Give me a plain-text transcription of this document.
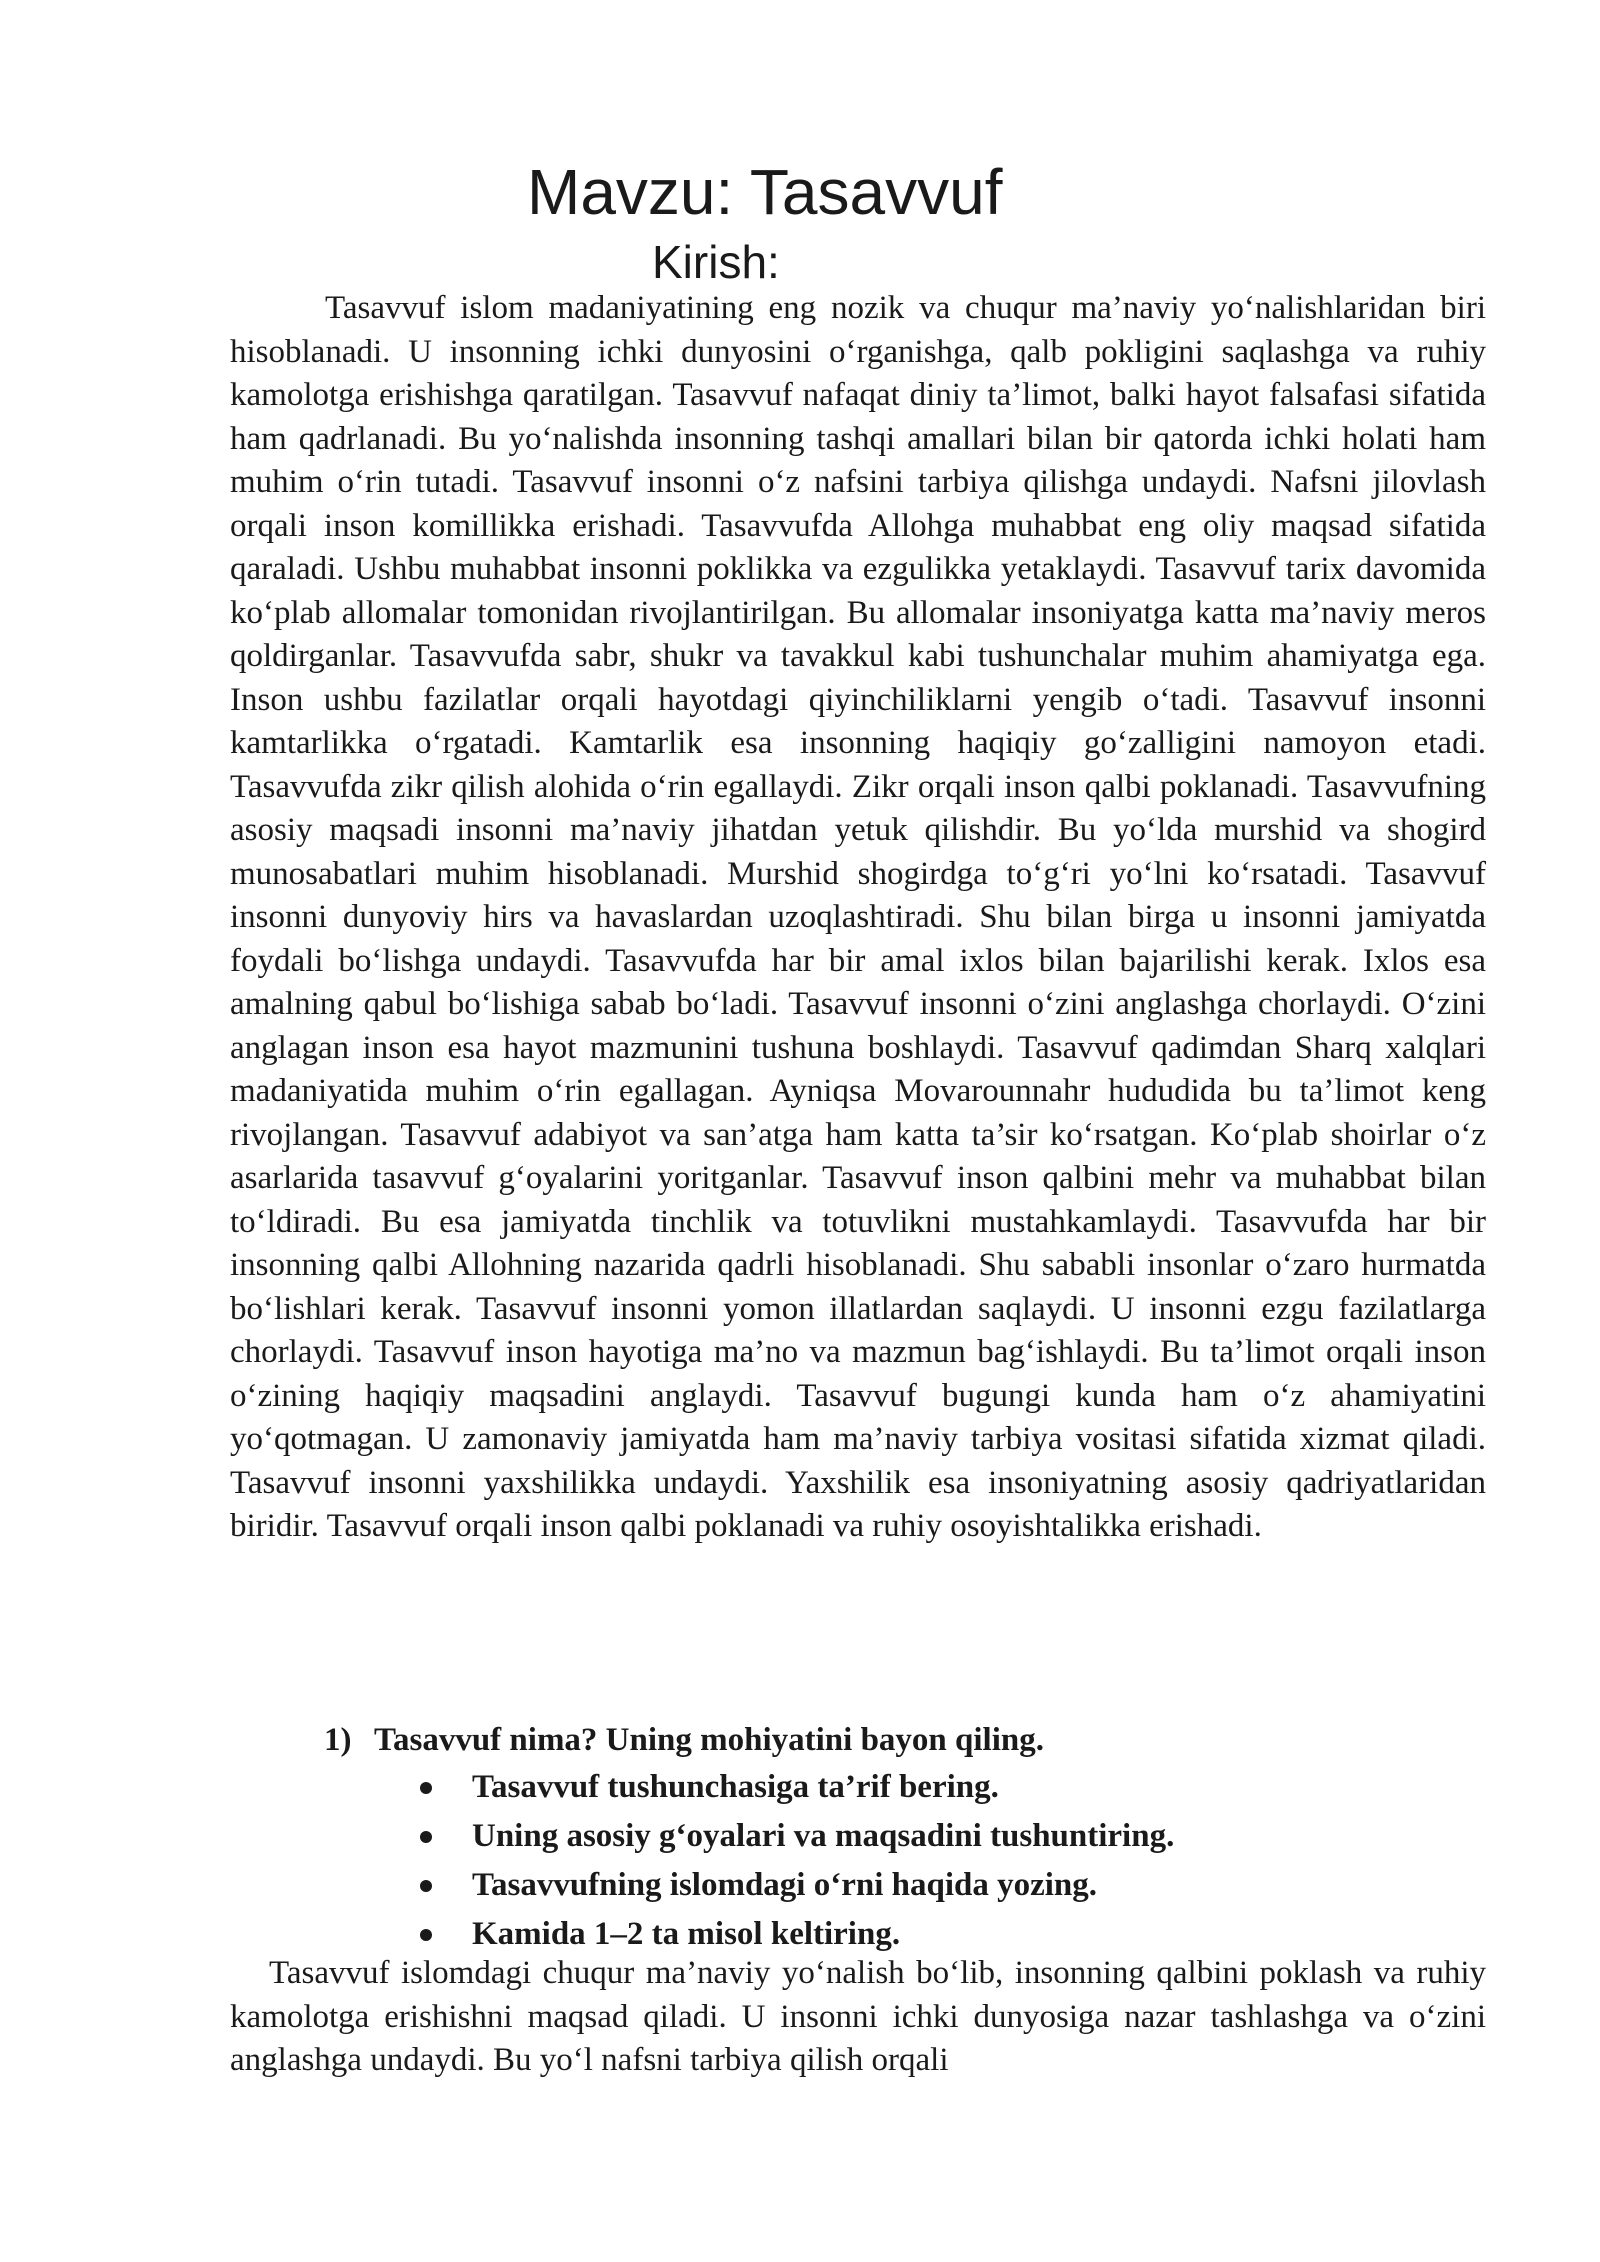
Mavzu: Tasavvuf
Kirish:

Tasavvuf islom madaniyatining eng nozik va chuqur ma’naviy yo‘nalishlaridan biri hisoblanadi. U insonning ichki dunyosini o‘rganishga, qalb pokligini saqlashga va ruhiy kamolotga erishishga qaratilgan. Tasavvuf nafaqat diniy ta’limot, balki hayot falsafasi sifatida ham qadrlanadi. Bu yo‘nalishda insonning tashqi amallari bilan bir qatorda ichki holati ham muhim o‘rin tutadi. Tasavvuf insonni o‘z nafsini tarbiya qilishga undaydi. Nafsni jilovlash orqali inson komillikka erishadi. Tasavvufda Allohga muhabbat eng oliy maqsad sifatida qaraladi. Ushbu muhabbat insonni poklikka va ezgulikka yetaklaydi. Tasavvuf tarix davomida ko‘plab allomalar tomonidan rivojlantirilgan. Bu allomalar insoniyatga katta ma’naviy meros qoldirganlar. Tasavvufda sabr, shukr va tavakkul kabi tushunchalar muhim ahamiyatga ega. Inson ushbu fazilatlar orqali hayotdagi qiyinchiliklarni yengib o‘tadi. Tasavvuf insonni kamtarlikka o‘rgatadi. Kamtarlik esa insonning haqiqiy go‘zalligini namoyon etadi. Tasavvufda zikr qilish alohida o‘rin egallaydi. Zikr orqali inson qalbi poklanadi. Tasavvufning asosiy maqsadi insonni ma’naviy jihatdan yetuk qilishdir. Bu yo‘lda murshid va shogird munosabatlari muhim hisoblanadi. Murshid shogirdga to‘g‘ri yo‘lni ko‘rsatadi. Tasavvuf insonni dunyoviy hirs va havaslardan uzoqlashtiradi. Shu bilan birga u insonni jamiyatda foydali bo‘lishga undaydi. Tasavvufda har bir amal ixlos bilan bajarilishi kerak. Ixlos esa amalning qabul bo‘lishiga sabab bo‘ladi. Tasavvuf insonni o‘zini anglashga chorlaydi. O‘zini anglagan inson esa hayot mazmunini tushuna boshlaydi. Tasavvuf qadimdan Sharq xalqlari madaniyatida muhim o‘rin egallagan. Ayniqsa Movarounnahr hududida bu ta’limot keng rivojlangan. Tasavvuf adabiyot va san’atga ham katta ta’sir ko‘rsatgan. Ko‘plab shoirlar o‘z asarlarida tasavvuf g‘oyalarini yoritganlar. Tasavvuf inson qalbini mehr va muhabbat bilan to‘ldiradi. Bu esa jamiyatda tinchlik va totuvlikni mustahkamlaydi. Tasavvufda har bir insonning qalbi Allohning nazarida qadrli hisoblanadi. Shu sababli insonlar o‘zaro hurmatda bo‘lishlari kerak. Tasavvuf insonni yomon illatlardan saqlaydi. U insonni ezgu fazilatlarga chorlaydi. Tasavvuf inson hayotiga ma’no va mazmun bag‘ishlaydi. Bu ta’limot orqali inson o‘zining haqiqiy maqsadini anglaydi. Tasavvuf bugungi kunda ham o‘z ahamiyatini yo‘qotmagan. U zamonaviy jamiyatda ham ma’naviy tarbiya vositasi sifatida xizmat qiladi. Tasavvuf insonni yaxshilikka undaydi. Yaxshilik esa insoniyatning asosiy qadriyatlaridan biridir. Tasavvuf orqali inson qalbi poklanadi va ruhiy osoyishtalikka erishadi.

1) Tasavvuf nima? Uning mohiyatini bayon qiling.

Tasavvuf tushunchasiga ta’rif bering.
Uning asosiy g‘oyalari va maqsadini tushuntiring.
Tasavvufning islomdagi o‘rni haqida yozing.
Kamida 1–2 ta misol keltiring.

Tasavvuf islomdagi chuqur ma’naviy yo‘nalish bo‘lib, insonning qalbini poklash va ruhiy kamolotga erishishni maqsad qiladi. U insonni ichki dunyosiga nazar tashlashga va o‘zini anglashga undaydi. Bu yo‘l nafsni tarbiya qilish orqali
